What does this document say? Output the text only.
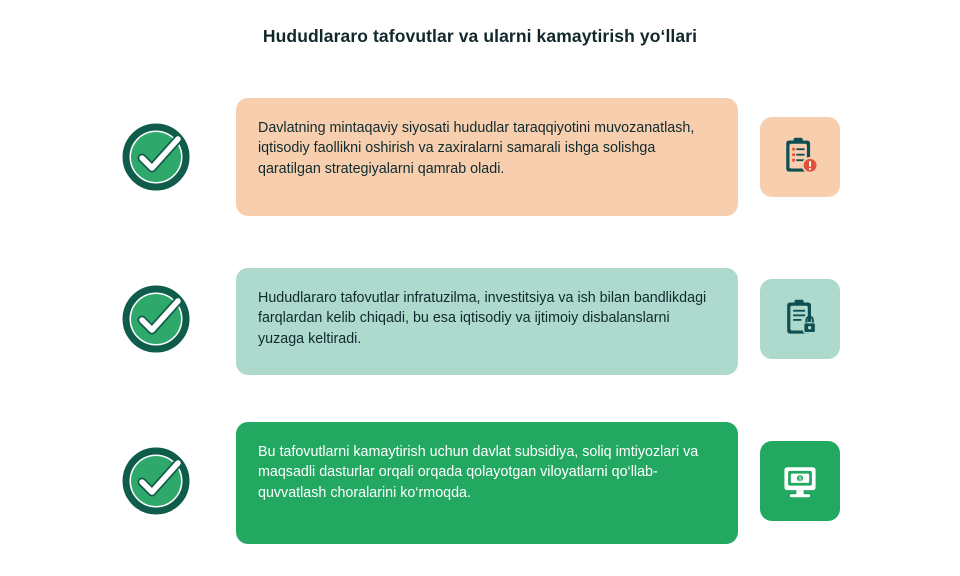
Hududlararo tafovutlar va ularni kamaytirish yo‘llari
Davlatning mintaqaviy siyosati hududlar taraqqiyotini muvozanatlash, iqtisodiy faollikni oshirish va zaxiralarni samarali ishga solishga qaratilgan strategiyalarni qamrab oladi.
Hududlararo tafovutlar infratuzilma, investitsiya va ish bilan bandlikdagi farqlardan kelib chiqadi, bu esa iqtisodiy va ijtimoiy disbalanslarni yuzaga keltiradi.
Bu tafovutlarni kamaytirish uchun davlat subsidiya, soliq imtiyozlari va maqsadli dasturlar orqali orqada qolayotgan viloyatlarni qo‘llab-quvvatlash choralarini ko‘rmoqda.
$
